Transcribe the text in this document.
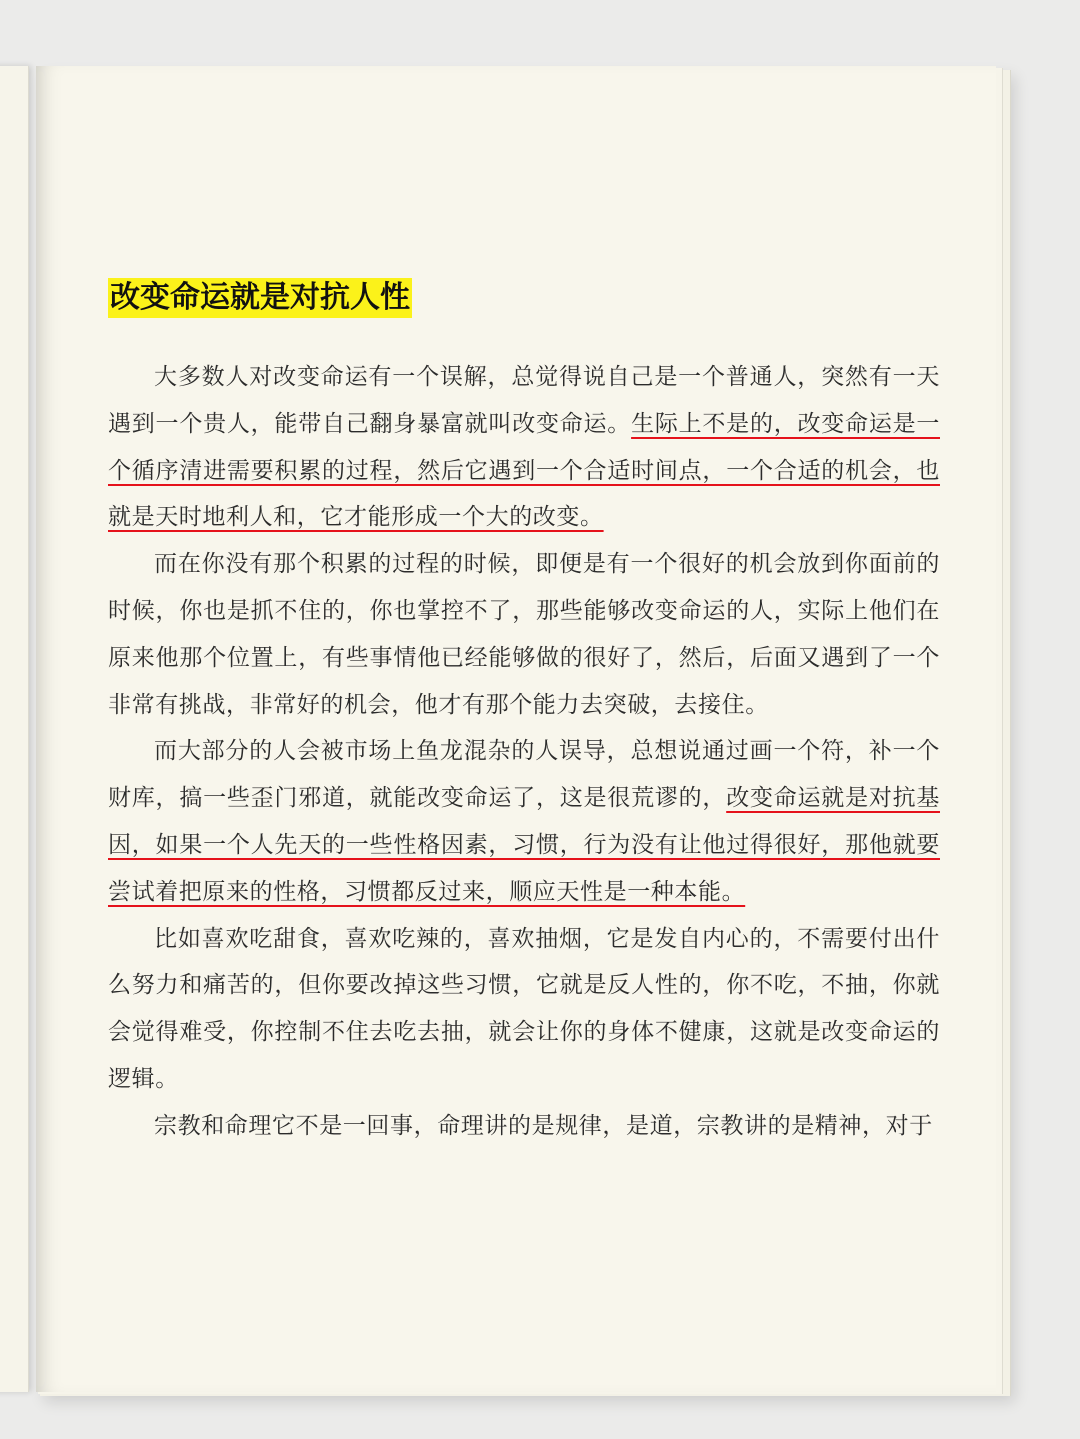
改变命运就是对抗人性

大多数人对改变命运有一个误解，总觉得说自己是一个普通人，突然有一天遇到一个贵人，能带自己翻身暴富就叫改变命运。生际上不是的，改变命运是一个循序清进需要积累的过程，然后它遇到一个合适时间点，一个合适的机会，也就是天时地利人和，它才能形成一个大的改变。

而在你没有那个积累的过程的时候，即便是有一个很好的机会放到你面前的时候，你也是抓不住的，你也掌控不了，那些能够改变命运的人，实际上他们在原来他那个位置上，有些事情他已经能够做的很好了，然后，后面又遇到了一个非常有挑战，非常好的机会，他才有那个能力去突破，去接住。

而大部分的人会被市场上鱼龙混杂的人误导，总想说通过画一个符，补一个财库，搞一些歪门邪道，就能改变命运了，这是很荒谬的，改变命运就是对抗基因，如果一个人先天的一些性格因素，习惯，行为没有让他过得很好，那他就要尝试着把原来的性格，习惯都反过来，顺应天性是一种本能。

比如喜欢吃甜食，喜欢吃辣的，喜欢抽烟，它是发自内心的，不需要付出什么努力和痛苦的，但你要改掉这些习惯，它就是反人性的，你不吃，不抽，你就会觉得难受，你控制不住去吃去抽，就会让你的身体不健康，这就是改变命运的逻辑。

宗教和命理它不是一回事，命理讲的是规律，是道，宗教讲的是精神，对于
